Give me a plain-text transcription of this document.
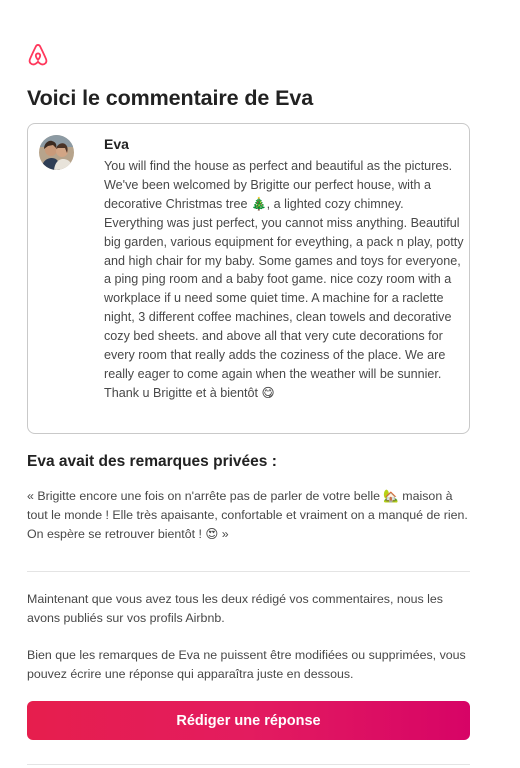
Voici le commentaire de Eva
Eva

You will find the house as perfect and beautiful as the pictures. We've been welcomed by Brigitte our perfect house, with a decorative Christmas tree 🎄, a lighted cozy chimney. Everything was just perfect, you cannot miss anything. Beautiful big garden, various equipment for eveything, a pack n play, potty and high chair for my baby. Some games and toys for everyone, a ping ping room and a baby foot game. nice cozy room with a workplace if u need some quiet time. A machine for a raclette night, 3 different coffee machines, clean towels and decorative cozy bed sheets. and above all that very cute decorations for every room that really adds the coziness of the place. We are really eager to come again when the weather will be sunnier. Thank u Brigitte et à bientôt 😋

Eva avait des remarques privées :

« Brigitte encore une fois on n'arrête pas de parler de votre belle 🏡 maison à tout le monde ! Elle très apaisante, confortable et vraiment on a manqué de rien. On espère se retrouver bientôt ! 😍 »

Maintenant que vous avez tous les deux rédigé vos commentaires, nous les avons publiés sur vos profils Airbnb.

Bien que les remarques de Eva ne puissent être modifiées ou supprimées, vous pouvez écrire une réponse qui apparaîtra juste en dessous.

Rédiger une réponse
